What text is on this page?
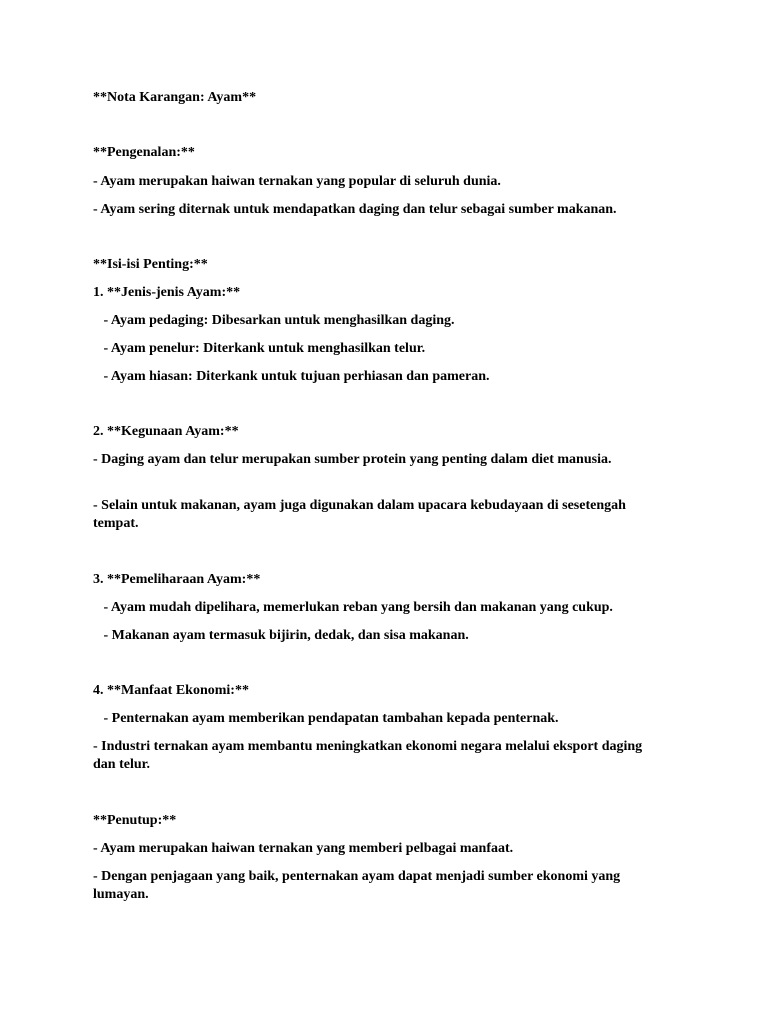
**Nota Karangan: Ayam**

**Pengenalan:**

- Ayam merupakan haiwan ternakan yang popular di seluruh dunia.

- Ayam sering diternak untuk mendapatkan daging dan telur sebagai sumber makanan.

**Isi-isi Penting:**

1. **Jenis-jenis Ayam:**

- Ayam pedaging: Dibesarkan untuk menghasilkan daging.

- Ayam penelur: Diterkank untuk menghasilkan telur.

- Ayam hiasan: Diterkank untuk tujuan perhiasan dan pameran.

2. **Kegunaan Ayam:**

- Daging ayam dan telur merupakan sumber protein yang penting dalam diet manusia.

- Selain untuk makanan, ayam juga digunakan dalam upacara kebudayaan di sesetengah tempat.

3. **Pemeliharaan Ayam:**

- Ayam mudah dipelihara, memerlukan reban yang bersih dan makanan yang cukup.

- Makanan ayam termasuk bijirin, dedak, dan sisa makanan.

4. **Manfaat Ekonomi:**

- Penternakan ayam memberikan pendapatan tambahan kepada penternak.

- Industri ternakan ayam membantu meningkatkan ekonomi negara melalui eksport daging dan telur.

**Penutup:**

- Ayam merupakan haiwan ternakan yang memberi pelbagai manfaat.

- Dengan penjagaan yang baik, penternakan ayam dapat menjadi sumber ekonomi yang lumayan.
